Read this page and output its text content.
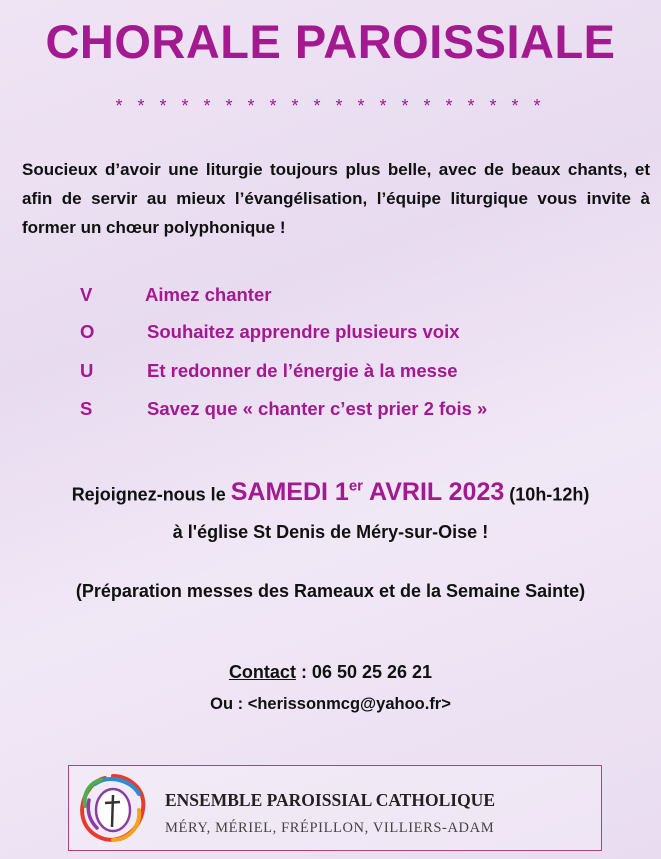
CHORALE PAROISSIALE
* * * * * * * * * * * * * * * * * * * *
Soucieux d’avoir une liturgie toujours plus belle, avec de beaux chants, et afin de servir au mieux l’évangélisation, l’équipe liturgique vous invite à former un chœur polyphonique !
V	Aimez chanter
O	Souhaitez apprendre plusieurs voix
U	Et redonner de l’énergie à la messe
S	Savez que « chanter c’est prier 2 fois »
Rejoignez-nous le SAMEDI 1er AVRIL 2023 (10h-12h)
à l'église St Denis de Méry-sur-Oise !
(Préparation messes des Rameaux et de la Semaine Sainte)
Contact : 06 50 25 26 21
Ou : <herissonmcg@yahoo.fr>
ENSEMBLE PAROISSIAL CATHOLIQUE
MÉRY, MÉRIEL, FRÉPILLON, VILLIERS-ADAM
